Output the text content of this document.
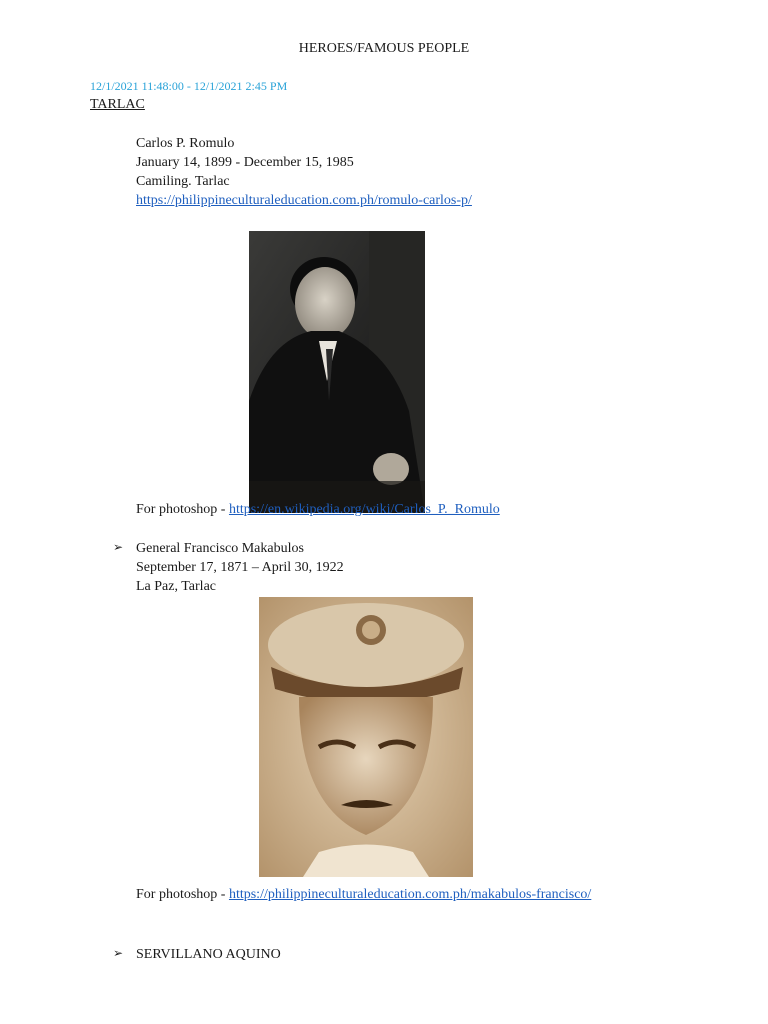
HEROES/FAMOUS PEOPLE
12/1/2021 11:48:00 - 12/1/2021 2:45 PM
TARLAC
Carlos P. Romulo
January 14, 1899 - December 15, 1985
Camiling. Tarlac
https://philippineculturaleducation.com.ph/romulo-carlos-p/
For photoshop - https://en.wikipedia.org/wiki/Carlos_P._Romulo
➢ General Francisco Makabulos
September 17, 1871 – April 30, 1922
La Paz, Tarlac
For photoshop - https://philippineculturaleducation.com.ph/makabulos-francisco/
➢ SERVILLANO AQUINO
